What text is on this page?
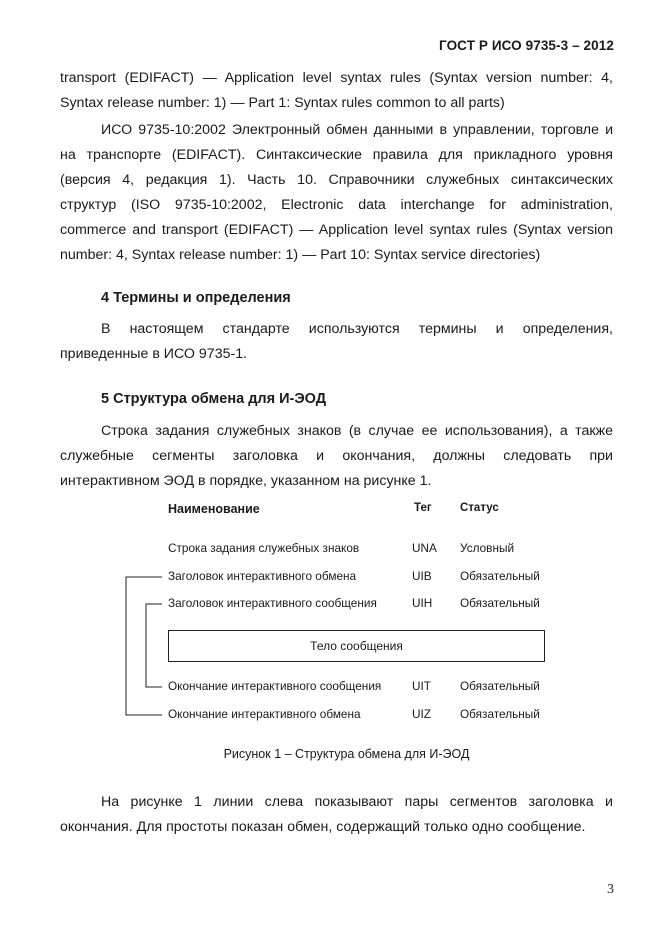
ГОСТ Р ИСО 9735-3 – 2012

transport (EDIFACT) — Application level syntax rules (Syntax version number: 4,

Syntax release number: 1) — Part 1: Syntax rules common to all parts)

ИСО 9735-10:2002 Электронный обмен данными в управлении, торговле и

на транспорте (EDIFACT). Синтаксические правила для прикладного уровня

(версия 4, редакция 1). Часть 10. Справочники служебных синтаксических

структур (ISO 9735-10:2002, Electronic data interchange for administration,

commerce and transport (EDIFACT) — Application level syntax rules (Syntax version

number: 4, Syntax release number: 1) — Part 10: Syntax service directories)

4 Термины и определения

В настоящем стандарте используются термины и определения,

приведенные в ИСО 9735-1.

5 Структура обмена для И-ЭОД

Строка задания служебных знаков (в случае ее использования), а также

служебные сегменты заголовка и окончания, должны следовать при

интерактивном ЭОД в порядке, указанном на рисунке 1.

Наименование	Тег Статус
Строка задания служебных знаков	UNA Условный
Заголовок интерактивного обмена	UIB Обязательный
Заголовок интерактивного сообщения	UIH Обязательный
Тело сообщения
Окончание интерактивного сообщения	UIT Обязательный
Окончание интерактивного обмена	UIZ Обязательный
Рисунок 1 – Структура обмена для И-ЭОД

На рисунке 1 линии слева показывают пары сегментов заголовка и

окончания. Для простоты показан обмен, содержащий только одно сообщение.

3
